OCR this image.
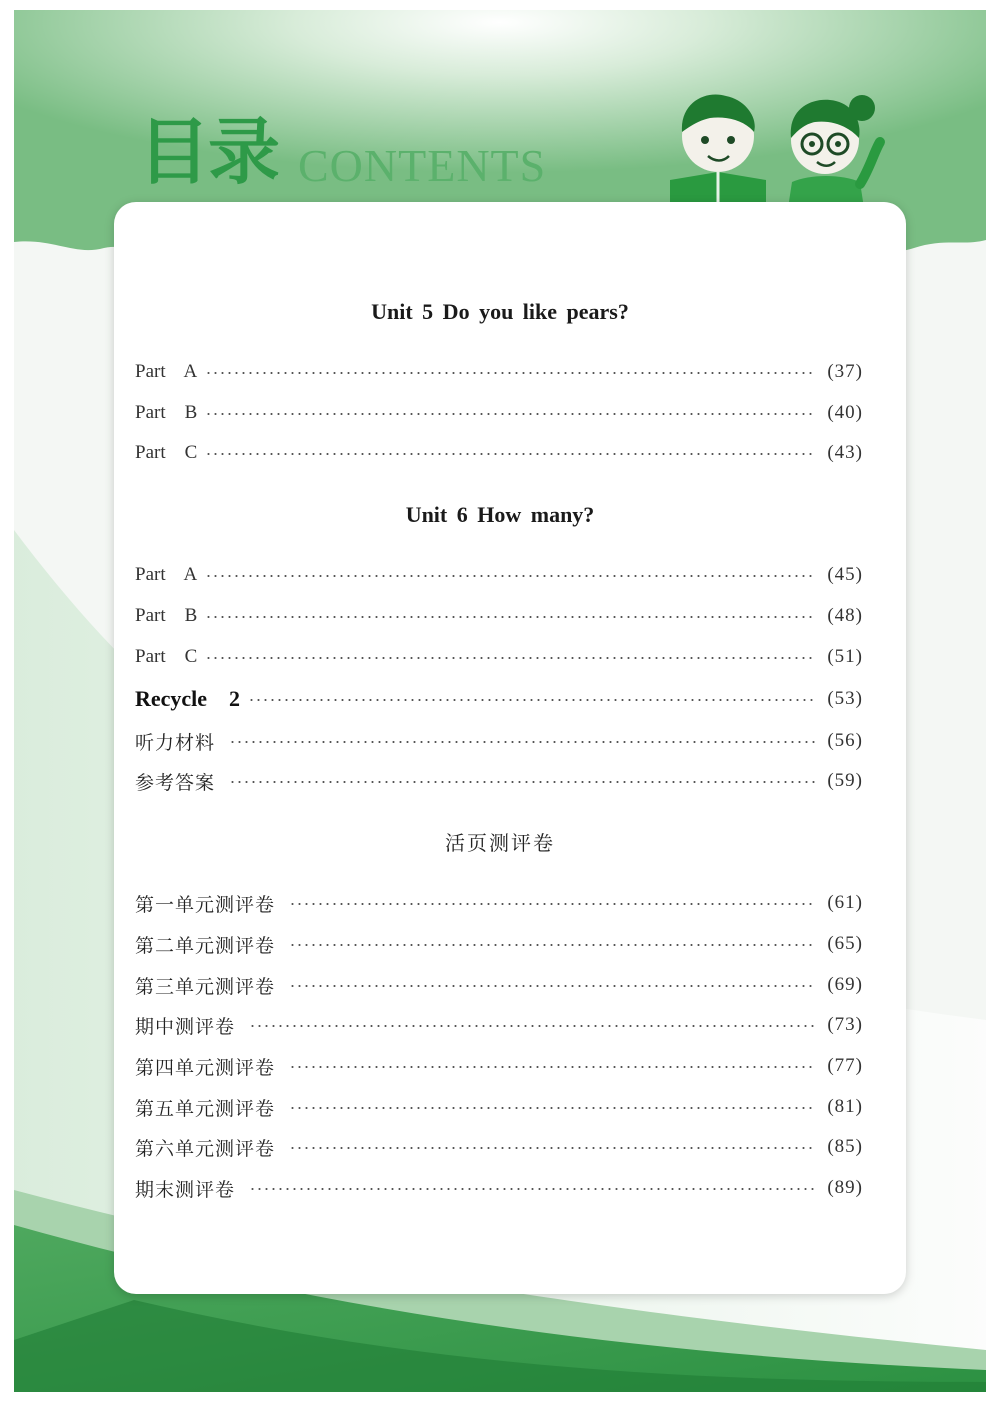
目录 CONTENTS
Unit 5 Do you like pears?
Part    A	(37)
Part    B	(40)
Part    C	(43)
Unit 6 How many?
Part    A	(45)
Part    B	(48)
Part    C	(51)
Recycle    2	(53)
听力材料	(56)
参考答案	(59)
活页测评卷
第一单元测评卷	(61)
第二单元测评卷	(65)
第三单元测评卷	(69)
期中测评卷	(73)
第四单元测评卷	(77)
第五单元测评卷	(81)
第六单元测评卷	(85)
期末测评卷	(89)
